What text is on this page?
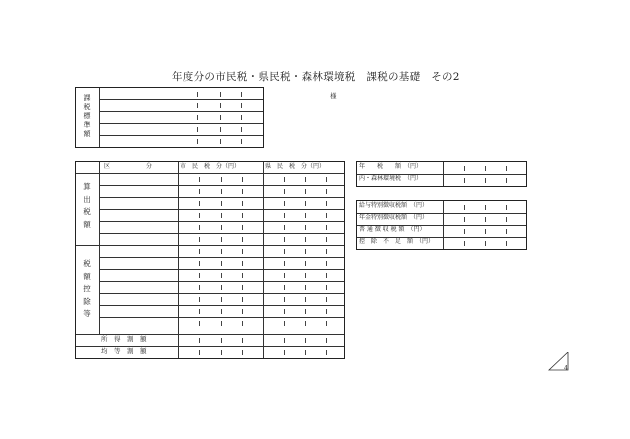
年度分の市民税・県民税・森林環境税　課税の基礎　その2
様
課
税
標
準
額
区　　　　　　分	市　民　税　分（円）	県　民　税　分（円）
算
出
税
額
税
額
控
除
等
所　得　割　額
均　等　割　額
年　　税　　額　（円）
内・森林環境税　（円）
給与特別徴収税額　（円）
年金特別徴収税額　（円）
普 通 徴 収 税 額　（円）
控　除　不　足　額　（円）
4
